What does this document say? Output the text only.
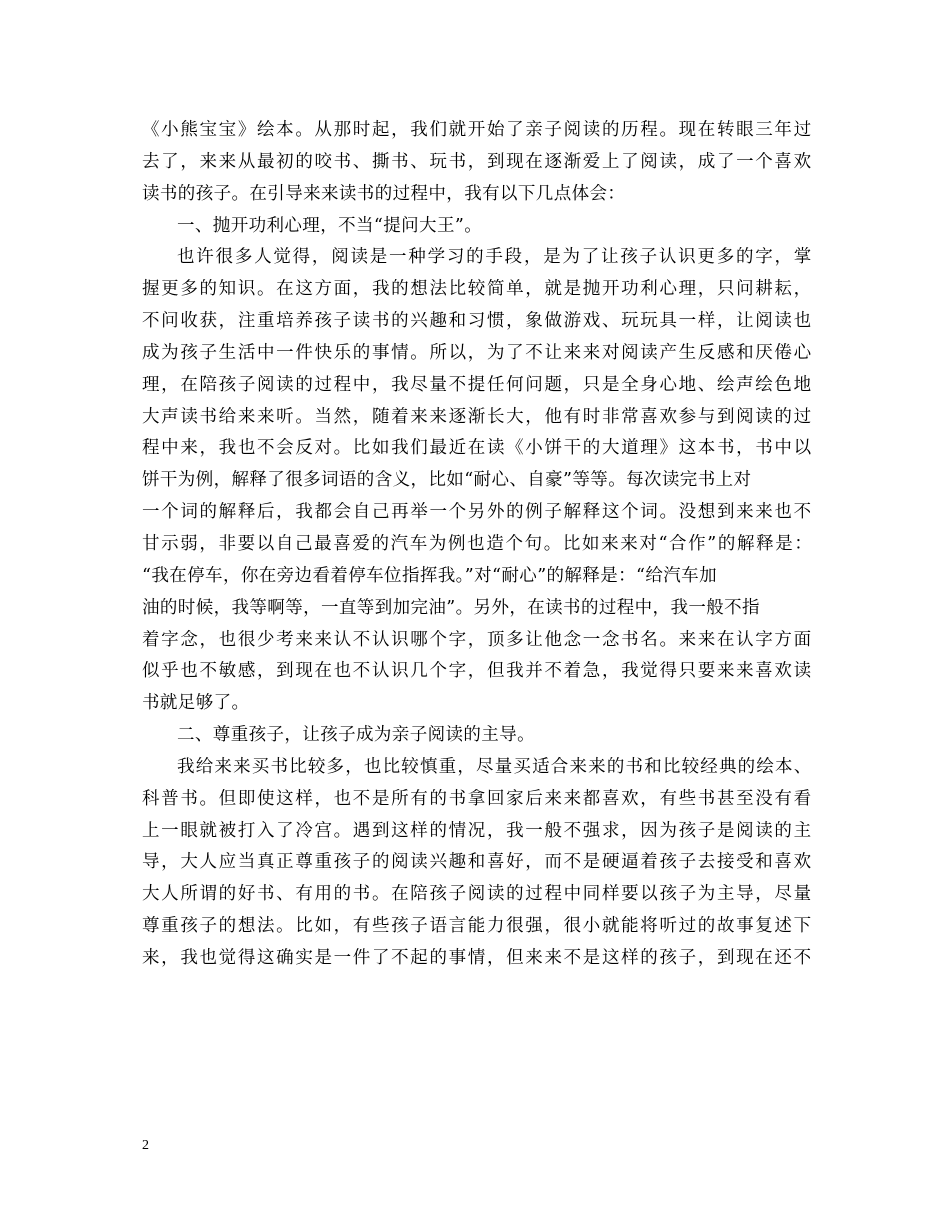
《小熊宝宝》绘本。从那时起，我们就开始了亲子阅读的历程。现在转眼三年过
去了，来来从最初的咬书、撕书、玩书，到现在逐渐爱上了阅读，成了一个喜欢
读书的孩子。在引导来来读书的过程中，我有以下几点体会：
一、抛开功利心理，不当“提问大王”。
也许很多人觉得，阅读是一种学习的手段，是为了让孩子认识更多的字，掌
握更多的知识。在这方面，我的想法比较简单，就是抛开功利心理，只问耕耘，
不问收获，注重培养孩子读书的兴趣和习惯，象做游戏、玩玩具一样，让阅读也
成为孩子生活中一件快乐的事情。所以，为了不让来来对阅读产生反感和厌倦心
理，在陪孩子阅读的过程中，我尽量不提任何问题，只是全身心地、绘声绘色地
大声读书给来来听。当然，随着来来逐渐长大，他有时非常喜欢参与到阅读的过
程中来，我也不会反对。比如我们最近在读《小饼干的大道理》这本书，书中以
饼干为例，解释了很多词语的含义，比如“耐心、自豪”等等。每次读完书上对
一个词的解释后，我都会自己再举一个另外的例子解释这个词。没想到来来也不
甘示弱，非要以自己最喜爱的汽车为例也造个句。比如来来对“合作”的解释是：
“我在停车，你在旁边看着停车位指挥我。”对“耐心”的解释是：“给汽车加
油的时候，我等啊等，一直等到加完油”。另外，在读书的过程中，我一般不指
着字念，也很少考来来认不认识哪个字，顶多让他念一念书名。来来在认字方面
似乎也不敏感，到现在也不认识几个字，但我并不着急，我觉得只要来来喜欢读
书就足够了。
二、尊重孩子，让孩子成为亲子阅读的主导。
我给来来买书比较多，也比较慎重，尽量买适合来来的书和比较经典的绘本、
科普书。但即使这样，也不是所有的书拿回家后来来都喜欢，有些书甚至没有看
上一眼就被打入了冷宫。遇到这样的情况，我一般不强求，因为孩子是阅读的主
导，大人应当真正尊重孩子的阅读兴趣和喜好，而不是硬逼着孩子去接受和喜欢
大人所谓的好书、有用的书。在陪孩子阅读的过程中同样要以孩子为主导，尽量
尊重孩子的想法。比如，有些孩子语言能力很强，很小就能将听过的故事复述下
来，我也觉得这确实是一件了不起的事情，但来来不是这样的孩子，到现在还不
2
